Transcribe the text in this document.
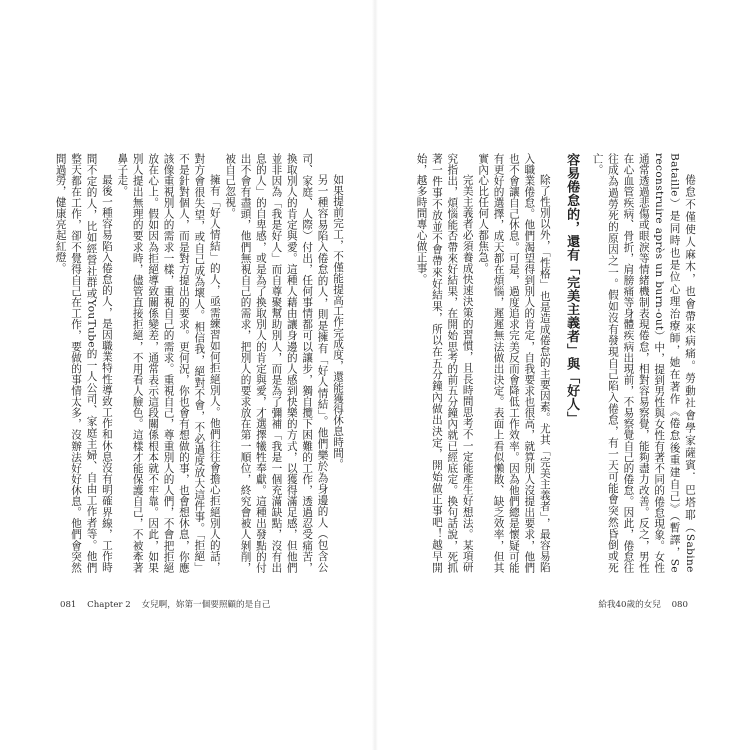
如果提前完工，不僅能提高工作完成度，還能獲得休息時間。

另一種容易陷入倦怠的人，則是擁有「好人情結」。他們樂於為身邊的人（包含公司、家庭、人際）付出，任何事情都可以讓步，獨自攬下困難的工作，透過忍受痛苦，換取別人的肯定與愛。這種人藉由讓身邊的人感到快樂的方式，以獲得滿足感，但他們並非因為「我是好人」而自尊聚幫助別人，而是為了彌補「我是一個充滿缺點，沒有出息的人」的自卑感，或是為了換取別人的肯定與愛，才選擇犧牲奉獻。這種出發點的付出不會有盡頭，他們無視自己的需求，把別人的要求放在第一順位，終究會被人剝削，被自己忽視。

擁有「好人情結」的人，亟需練習如何拒絕別人。他們往往會擔心拒絕別人的話，對方會很失望，或自己成為壞人。相信我，絕對不會，不必過度放大這件事。「拒絕」不是針對個人，而是對方提出的要求。更何況，你也會有想做的事，也會想休息，你應該像重視別人的需求一樣，重視自己的需求。重視自己，尊重別人的人們，不會把拒絕放在心上。假如因為拒絕導致關係變差，通常表示這段關係根本就不牢靠。因此，如果別人提出無理的要求時，儘管直接拒絕，不用看人臉色。這樣才能保護自己，不被牽著鼻子走。

最後一種容易陷入倦怠的人，是因職業特性導致工作和休息沒有明確界線，工作時間不定的人，比如經營社群或YouTube的一人公司、家庭主婦、自由工作者等。他們整天都在工作，卻不覺得自己在工作，要做的事情太多，沒辦法好好休息。他們會突然間過勞，健康亮起紅燈。

081 Chapter 2 女兒啊，妳第一個要照顧的是自己

倦怠不僅使人麻木，也會帶來病痛。勞動社會學家薩賓．巴塔耶（Sabine Bataille）是同時也是位心理治療師，她在著作《倦怠後重建自己》（暫譯，Se reconstruire après un burn-out）中，提到男性與女性有著不同的倦怠現象。女性通常透過悲傷或眼淚等情緒機制表現倦怠，相對容易察覺，能夠盡力改善。反之，男性在心血管疾病、骨折，肩膀痛等身體疾病出現前，不易察覺自己的倦怠。因此，倦怠往往成為過勞死的原因之一。假如沒有發現自己陷入倦怠，有一天可能會突然昏倒或死亡。

容易倦怠的，還有「完美主義者」與「好人」

除了性別以外，「性格」也是造成倦怠的主要因素。尤其「完美主義者」，最容易陷入職業倦怠。他們渴望得到別人的肯定，自我要求也很高，就算別人沒提出要求，他們也不會讓自己休息。可是，過度追求完美反而會降低工作效率。因為他們總是懷疑可能有更好的選擇，成天都在煩惱，遲遲無法做出決定。表面上看似懶散、缺乏效率，但其實內心比任何人都焦急。

完美主義者必須養成快速決策的習慣，且長時間思考不一定能產生好想法。某項研究指出，煩惱能否帶來好結果，在開始思考的前五分鐘內就已經底定。換句話說，死抓著一件事不放並不會帶來好結果，所以在五分鐘內做出決定，開始做正事吧！越早開始，越多時間專心做正事。

給我40歲的女兒 080
